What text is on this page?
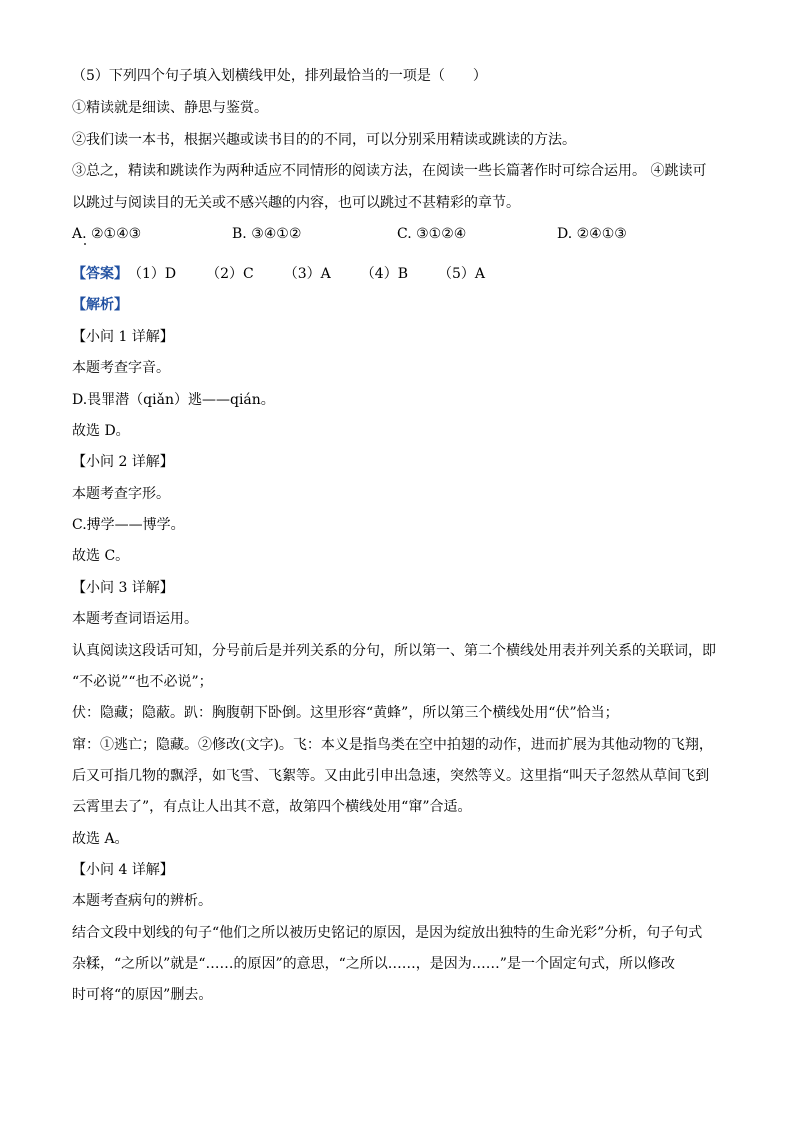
（5）下列四个句子填入划横线甲处，排列最恰当的一项是（　　）
①精读就是细读、静思与鉴赏。
②我们读一本书，根据兴趣或读书目的的不同，可以分别采用精读或跳读的方法。
③总之，精读和跳读作为两种适应不同情形的阅读方法，在阅读一些长篇著作时可综合运用。 ④跳读可
以跳过与阅读目的无关或不感兴趣的内容，也可以跳过不甚精彩的章节。
A. ②①④③	B. ③④①②	C. ③①②④	D. ②④①③
【答案】（1）D （2）C （3）A （4）B （5）A
【解析】
【小问 1 详解】
本题考查字音。
D.畏罪潜（qiǎn）逃——qián。
故选 D。
【小问 2 详解】
本题考查字形。
C.搏学——博学。
故选 C。
【小问 3 详解】
本题考查词语运用。
认真阅读这段话可知，分号前后是并列关系的分句，所以第一、第二个横线处用表并列关系的关联词，即
“不必说”“也不必说”；
伏：隐藏；隐蔽。趴：胸腹朝下卧倒。这里形容“黄蜂”，所以第三个横线处用“伏”恰当；
窜：①逃亡；隐藏。②修改(文字)。飞：本义是指鸟类在空中拍翅的动作，进而扩展为其他动物的飞翔，
后又可指几物的飘浮，如飞雪、飞絮等。又由此引申出急速，突然等义。这里指“叫天子忽然从草间飞到
云霄里去了”，有点让人出其不意，故第四个横线处用“窜”合适。
故选 A。
【小问 4 详解】
本题考查病句的辨析。
结合文段中划线的句子“他们之所以被历史铭记的原因，是因为绽放出独特的生命光彩”分析，句子句式
杂糅，“之所以”就是“……的原因”的意思，“之所以……，是因为……”是一个固定句式，所以修改
时可将“的原因”删去。
